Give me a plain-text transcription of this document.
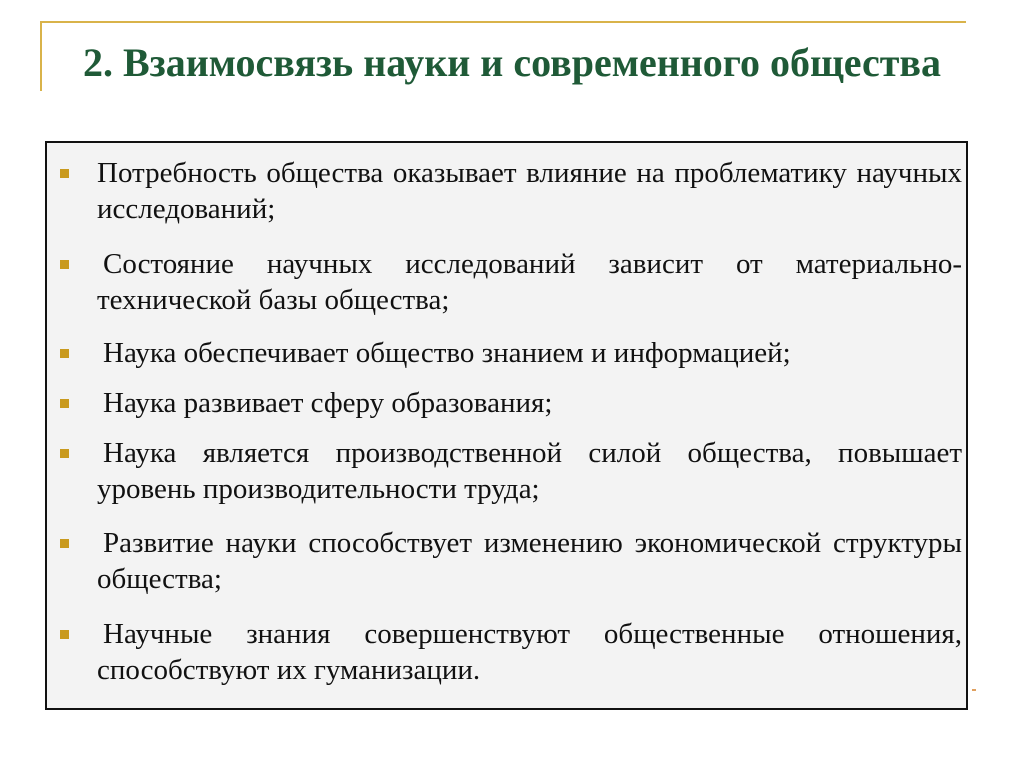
2. Взаимосвязь науки и современного общества

Потребность общества оказывает влияние на проблематику научных исследований;

Состояние научных исследований зависит от материально-технической базы общества;

Наука обеспечивает общество знанием и информацией;

Наука развивает сферу образования;

Наука является производственной силой общества, повышает уровень производительности труда;

Развитие науки способствует изменению экономической структуры общества;

Научные знания совершенствуют общественные отношения, способствуют их гуманизации.
